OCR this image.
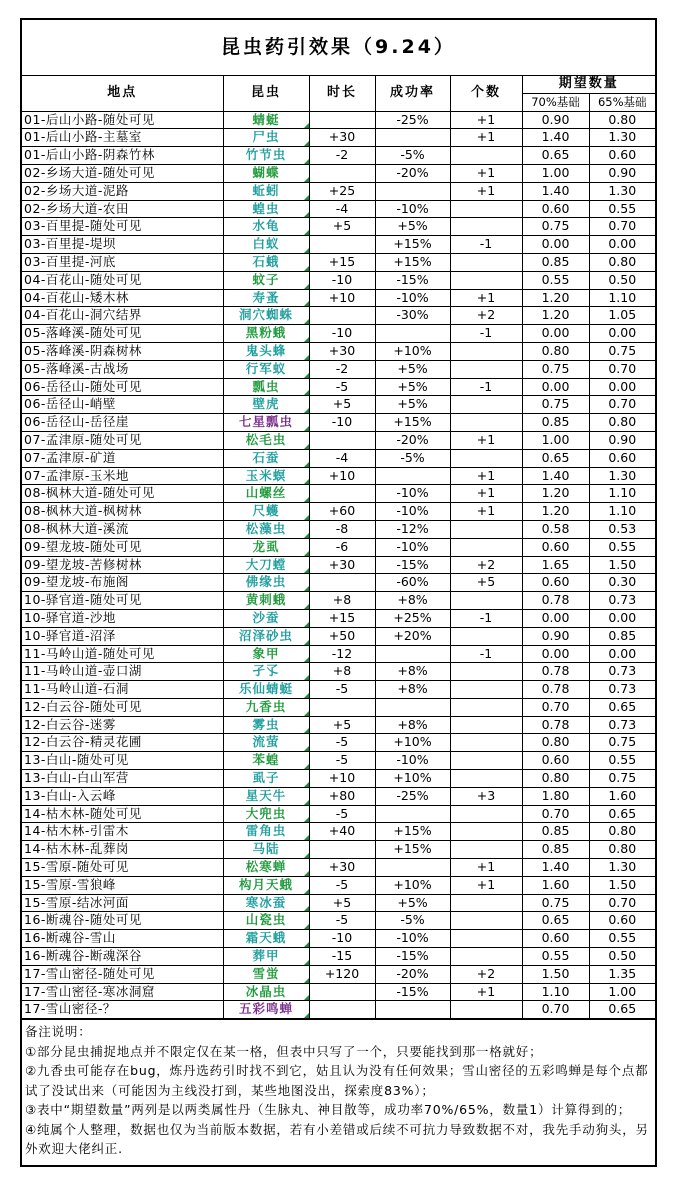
昆虫药引效果（9.24）
地点	昆虫	时长	成功率	个数	期望数量	
					70%基础	65%基础
01-后山小路-随处可见	蜻蜓		-25%	+1	0.90	0.80
01-后山小路-主墓室	尸虫	+30		+1	1.40	1.30
01-后山小路-阴森竹林	竹节虫	-2	-5%		0.65	0.60
02-乡场大道-随处可见	蝴蝶		-20%	+1	1.00	0.90
02-乡场大道-泥路	蚯蚓	+25		+1	1.40	1.30
02-乡场大道-农田	蝗虫	-4	-10%		0.60	0.55
03-百里提-随处可见	水龟	+5	+5%		0.75	0.70
03-百里提-堤坝	白蚁		+15%	-1	0.00	0.00
03-百里提-河底	石蛾	+15	+15%		0.85	0.80
04-百花山-随处可见	蚊子	-10	-15%		0.55	0.50
04-百花山-矮木林	寿蚤	+10	-10%	+1	1.20	1.10
04-百花山-洞穴结界	洞穴蜘蛛		-30%	+2	1.20	1.05
05-落峰溪-随处可见	黑粉蛾	-10		-1	0.00	0.00
05-落峰溪-阴森树林	鬼头蜂	+30	+10%		0.80	0.75
05-落峰溪-古战场	行军蚁	-2	+5%		0.75	0.70
06-岳径山-随处可见	瓢虫	-5	+5%	-1	0.00	0.00
06-岳径山-峭壁	壁虎	+5	+5%		0.75	0.70
06-岳径山-岳径崖	七星瓢虫	-10	+15%		0.85	0.80
07-孟津原-随处可见	松毛虫		-20%	+1	1.00	0.90
07-孟津原-矿道	石蚕	-4	-5%		0.65	0.60
07-孟津原-玉米地	玉米螟	+10		+1	1.40	1.30
08-枫林大道-随处可见	山螺丝		-10%	+1	1.20	1.10
08-枫林大道-枫树林	尺蠖	+60	-10%	+1	1.20	1.10
08-枫林大道-溪流	松藻虫	-8	-12%		0.58	0.53
09-望龙坡-随处可见	龙虱	-6	-10%		0.60	0.55
09-望龙坡-苦修树林	大刀螳	+30	-15%	+2	1.65	1.50
09-望龙坡-布施阁	佛缘虫		-60%	+5	0.60	0.30
10-驿官道-随处可见	黄刺蛾	+8	+8%		0.78	0.73
10-驿官道-沙地	沙蚕	+15	+25%	-1	0.00	0.00
10-驿官道-沼泽	沼泽砂虫	+50	+20%		0.90	0.85
11-马岭山道-随处可见	象甲	-12		-1	0.00	0.00
11-马岭山道-壶口湖	孑孓	+8	+8%		0.78	0.73
11-马岭山道-石洞	乐仙蜻蜓	-5	+8%		0.78	0.73
12-白云谷-随处可见	九香虫				0.70	0.65
12-白云谷-迷雾	雾虫	+5	+8%		0.78	0.73
12-白云谷-精灵花圃	流萤	-5	+10%		0.80	0.75
13-白山-随处可见	苯蝗	-5	-10%		0.60	0.55
13-白山-白山军营	虱子	+10	+10%		0.80	0.75
13-白山-入云峰	星天牛	+80	-25%	+3	1.80	1.60
14-枯木林-随处可见	大兜虫	-5			0.70	0.65
14-枯木林-引雷木	雷角虫	+40	+15%		0.85	0.80
14-枯木林-乱葬岗	马陆		+15%		0.85	0.80
15-雪原-随处可见	松寒蝉	+30		+1	1.40	1.30
15-雪原-雪狼峰	构月天蛾	-5	+10%	+1	1.60	1.50
15-雪原-结冰河面	寒冰蚕	+5	+5%		0.75	0.70
16-断魂谷-随处可见	山瓷虫	-5	-5%		0.65	0.60
16-断魂谷-雪山	霜天蛾	-10	-10%		0.60	0.55
16-断魂谷-断魂深谷	葬甲	-15	-15%		0.55	0.50
17-雪山密径-随处可见	雪蛍	+120	-20%	+2	1.50	1.35
17-雪山密径-寒冰洞窟	冰晶虫		-15%	+1	1.10	1.00
17-雪山密径-？	五彩鸣蝉				0.70	0.65

备注说明：

①部分昆虫捕捉地点并不限定仅在某一格，但表中只写了一个，只要能找到那一格就好；

②九香虫可能存在bug，炼丹选药引时找不到它，姑且认为没有任何效果；雪山密径的五彩鸣蝉是每个点都试了没试出来（可能因为主线没打到，某些地图没出，探索度83%）；

③表中“期望数量”两列是以两类属性丹（生脉丸、神目散等，成功率70%/65%，数量1）计算得到的；

④纯属个人整理，数据也仅为当前版本数据，若有小差错或后续不可抗力导致数据不对，我先手动狗头，另外欢迎大佬纠正.
